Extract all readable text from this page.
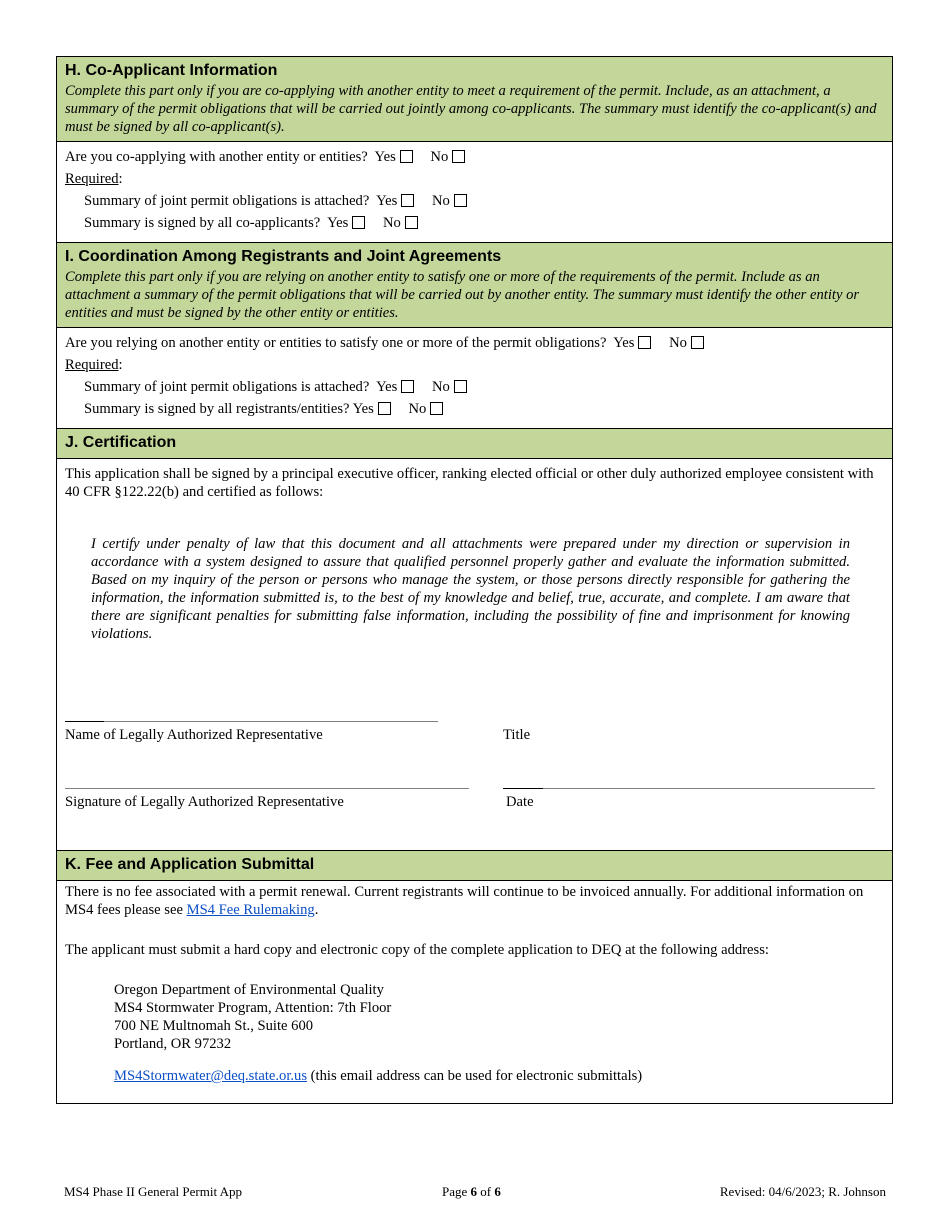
H. Co-Applicant Information
Complete this part only if you are co-applying with another entity to meet a requirement of the permit. Include, as an attachment, a summary of the permit obligations that will be carried out jointly among co-applicants. The summary must identify the co-applicant(s) and must be signed by all co-applicant(s).
Are you co-applying with another entity or entities? Yes No
Required:
Summary of joint permit obligations is attached? Yes No
Summary is signed by all co-applicants? Yes No
I. Coordination Among Registrants and Joint Agreements
Complete this part only if you are relying on another entity to satisfy one or more of the requirements of the permit. Include as an attachment a summary of the permit obligations that will be carried out by another entity. The summary must identify the other entity or entities and must be signed by the other entity or entities.
Are you relying on another entity or entities to satisfy one or more of the permit obligations? Yes No
Required:
Summary of joint permit obligations is attached? Yes No
Summary is signed by all registrants/entities? Yes No
J. Certification
This application shall be signed by a principal executive officer, ranking elected official or other duly authorized employee consistent with 40 CFR §122.22(b) and certified as follows:
I certify under penalty of law that this document and all attachments were prepared under my direction or supervision in accordance with a system designed to assure that qualified personnel properly gather and evaluate the information submitted. Based on my inquiry of the person or persons who manage the system, or those persons directly responsible for gathering the information, the information submitted is, to the best of my knowledge and belief, true, accurate, and complete. I am aware that there are significant penalties for submitting false information, including the possibility of fine and imprisonment for knowing violations.
Name of Legally Authorized Representative	Title
Signature of Legally Authorized Representative	Date
K. Fee and Application Submittal
There is no fee associated with a permit renewal. Current registrants will continue to be invoiced annually. For additional information on MS4 fees please see MS4 Fee Rulemaking.
The applicant must submit a hard copy and electronic copy of the complete application to DEQ at the following address:
Oregon Department of Environmental Quality
MS4 Stormwater Program, Attention: 7th Floor
700 NE Multnomah St., Suite 600
Portland, OR 97232
MS4Stormwater@deq.state.or.us (this email address can be used for electronic submittals)
MS4 Phase II General Permit App	Page 6 of 6	Revised: 04/6/2023; R. Johnson
